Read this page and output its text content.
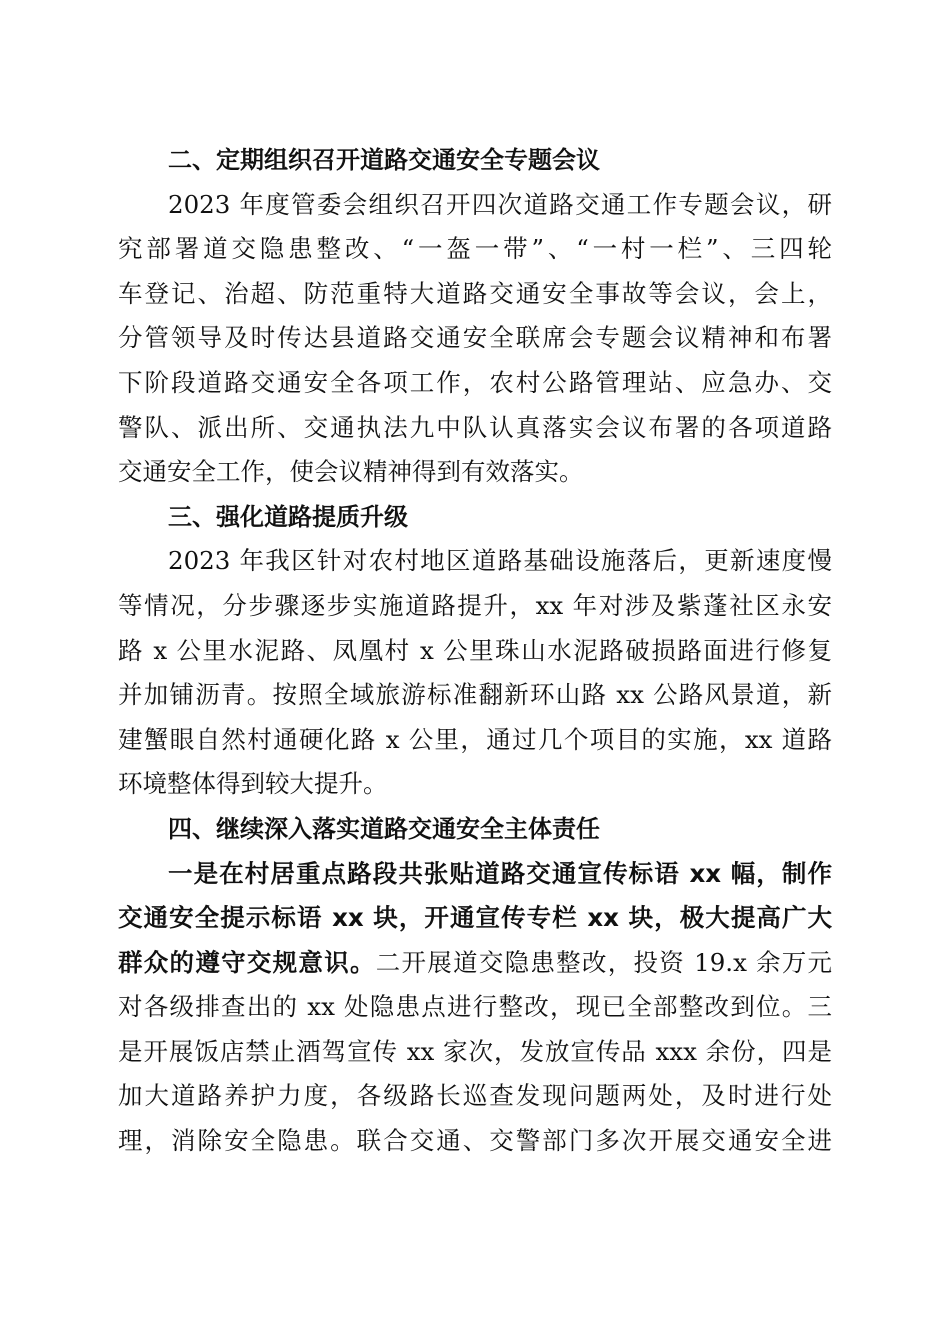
二、定期组织召开道路交通安全专题会议
2023 年度管委会组织召开四次道路交通工作专题会议，研
究部署道交隐患整改、“一盔一带”、“一村一栏”、三四轮
车登记、治超、防范重特大道路交通安全事故等会议，会上，
分管领导及时传达县道路交通安全联席会专题会议精神和布署
下阶段道路交通安全各项工作，农村公路管理站、应急办、交
警队、派出所、交通执法九中队认真落实会议布署的各项道路
交通安全工作，使会议精神得到有效落实。
三、强化道路提质升级
2023 年我区针对农村地区道路基础设施落后，更新速度慢
等情况，分步骤逐步实施道路提升，xx 年对涉及紫蓬社区永安
路 x 公里水泥路、凤凰村 x 公里珠山水泥路破损路面进行修复
并加铺沥青。按照全域旅游标准翻新环山路 xx 公路风景道，新
建蟹眼自然村通硬化路 x 公里，通过几个项目的实施，xx 道路
环境整体得到较大提升。
四、继续深入落实道路交通安全主体责任
一是在村居重点路段共张贴道路交通宣传标语 xx 幅，制作
交通安全提示标语 xx 块，开通宣传专栏 xx 块，极大提高广大
群众的遵守交规意识。二开展道交隐患整改，投资 19.x 余万元
对各级排查出的 xx 处隐患点进行整改，现已全部整改到位。三
是开展饭店禁止酒驾宣传 xx 家次，发放宣传品 xxx 余份，四是
加大道路养护力度，各级路长巡查发现问题两处，及时进行处
理，消除安全隐患。联合交通、交警部门多次开展交通安全进
